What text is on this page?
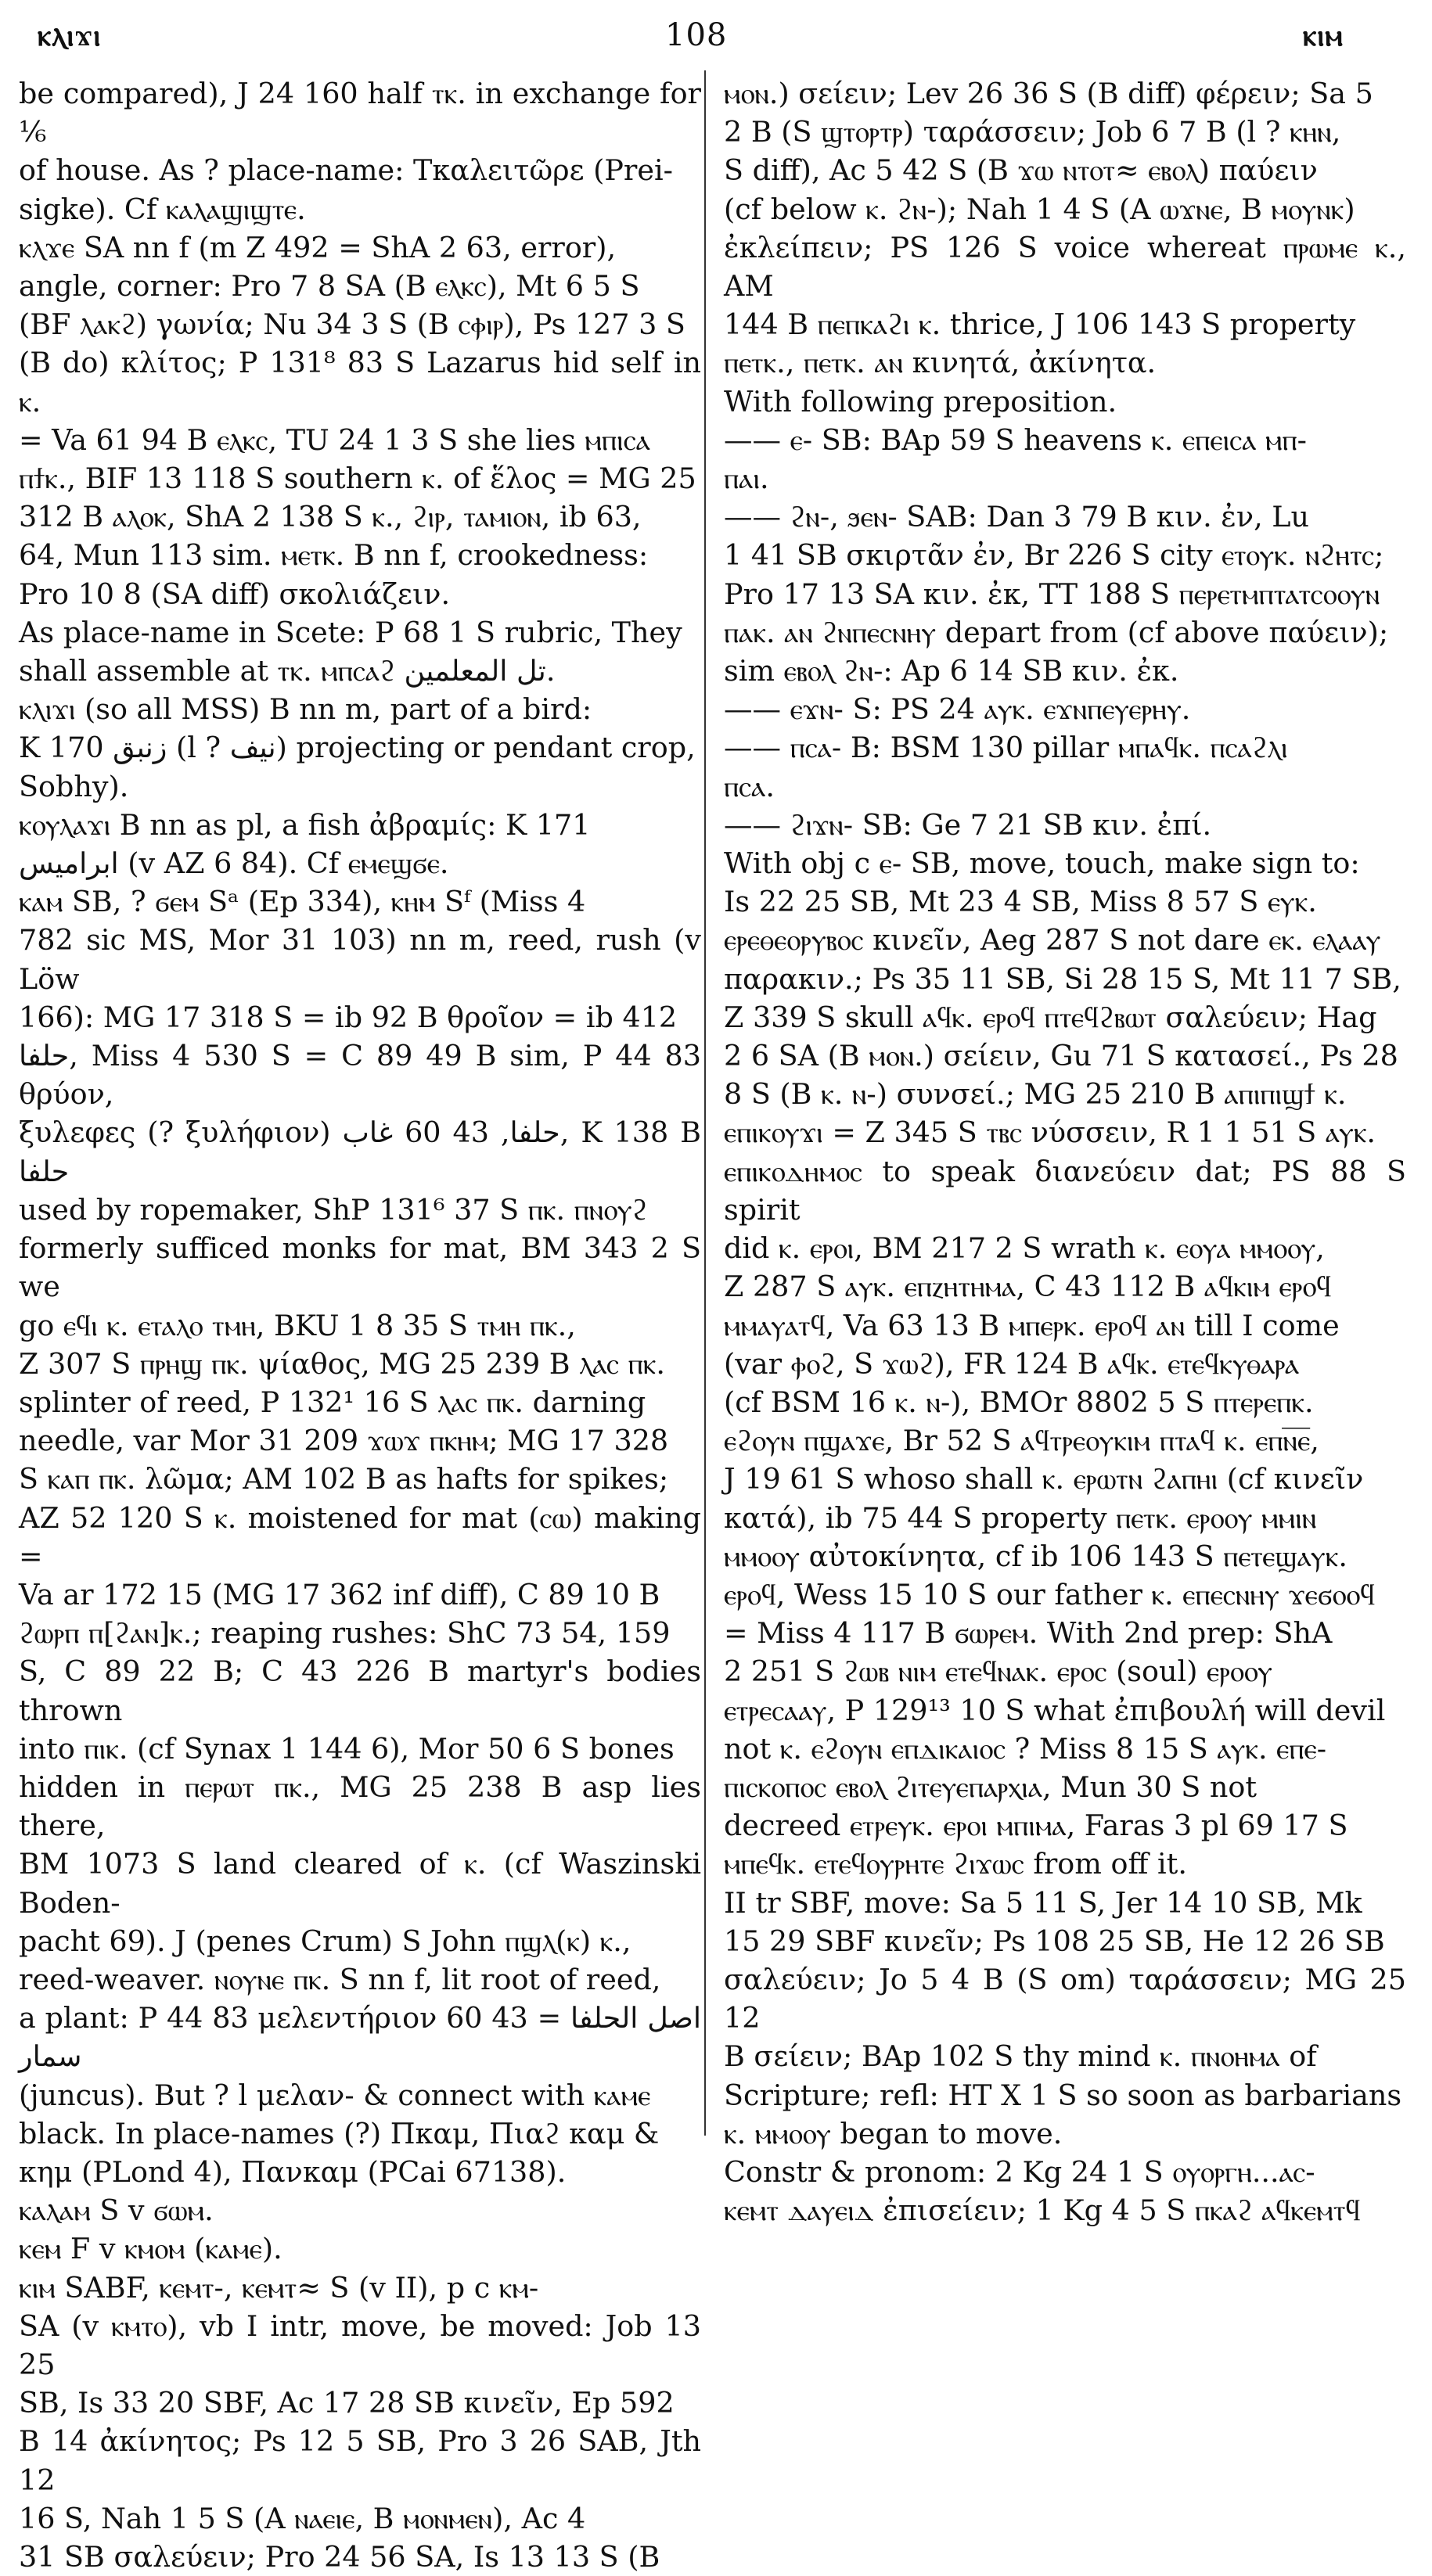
ⲕⲗⲓϫⲓ	108	ⲕⲓⲙ

be compared), J 24 160 half ⲧⲕ. in exchange for ⅙

of house. As ? place-name: Τκαλειτῶρε (Prei-

sigke). Cf ⲕⲁⲗⲁϣⲓϣⲧⲉ.

ⲕⲗϫⲉ SA nn f (m Z 492 = ShA 2 63, error),

angle, corner: Pro 7 8 SA (B ⲉⲗⲕⲥ), Mt 6 5 S

(BF ⲗⲁⲕϩ) γωνία; Nu 34 3 S (B ⲥⲫⲓⲣ), Ps 127 3 S

(B do) κλίτος; P 131⁸ 83 S Lazarus hid self in ⲕ.

= Va 61 94 B ⲉⲗⲕⲥ, TU 24 1 3 S she lies ⲙⲡⲓⲥⲁ

ⲡϯⲕ., BIF 13 118 S southern ⲕ. of ἕλος = MG 25

312 B ⲁⲗⲟⲕ, ShA 2 138 S ⲕ., ϩⲓⲣ, ⲧⲁⲙⲓⲟⲛ, ib 63,

64, Mun 113 sim. ⲙⲉⲧⲕ. B nn f, crookedness:

Pro 10 8 (SA diff) σκολιάζειν.

As place-name in Scete: P 68 1 S rubric, They

shall assemble at ⲧⲕ. ⲙⲡⲥⲁϩ تل المعلمين.

ⲕⲗⲓϫⲓ (so all MSS) B nn m, part of a bird:

K 170 زنبق (l ? نيف) projecting or pendant crop,

Sobhy).

ⲕⲟⲩⲗⲁϫⲓ B nn as pl, a fish ἀβραμίς: K 171

ابراميس (v AZ 6 84). Cf ⲉⲙⲉϣϭⲉ.

ⲕⲁⲙ SB, ? ϭⲉⲙ Sᵃ (Ep 334), ⲕⲏⲙ Sᶠ (Miss 4

782 sic MS, Mor 31 103) nn m, reed, rush (v Löw

166): MG 17 318 S = ib 92 B θροῖον = ib 412

حلفا, Miss 4 530 S = C 89 49 B sim, P 44 83 θρύον,

ξυλεφες (? ξυλήφιον) حلفا, 43 60 غاب, K 138 B حلفا

used by ropemaker, ShP 131⁶ 37 S ⲡⲕ. ⲡⲛⲟⲩϩ

formerly sufficed monks for mat, BM 343 2 S we

go ⲉϥⲓ ⲕ. ⲉⲧⲁⲗⲟ ⲧⲙⲏ, BKU 1 8 35 S ⲧⲙⲏ ⲡⲕ.,

Z 307 S ⲡⲣⲏϣ ⲡⲕ. ψίαθος, MG 25 239 B ⲗⲁⲥ ⲡⲕ.

splinter of reed, P 132¹ 16 S ⲗⲁⲥ ⲡⲕ. darning

needle, var Mor 31 209 ϫⲱϫ ⲡⲕⲏⲙ; MG 17 328

S ⲕⲁⲡ ⲡⲕ. λῶμα; AM 102 B as hafts for spikes;

AZ 52 120 S ⲕ. moistened for mat (ⲥⲱ) making =

Va ar 172 15 (MG 17 362 inf diff), C 89 10 B

ϩⲱⲣⲡ ⲡ[ϩⲁⲛ]ⲕ.; reaping rushes: ShC 73 54, 159

S, C 89 22 B; C 43 226 B martyr's bodies thrown

into ⲡⲓⲕ. (cf Synax 1 144 6), Mor 50 6 S bones

hidden in ⲡⲉⲣⲱⲧ ⲡⲕ., MG 25 238 B asp lies there,

BM 1073 S land cleared of ⲕ. (cf Waszinski Boden-

pacht 69). J (penes Crum) S John ⲡϣⲗ(ⲕ) ⲕ.,

reed-weaver. ⲛⲟⲩⲛⲉ ⲡⲕ. S nn f, lit root of reed,

a plant: P 44 83 μελεντήριον اصل الحلفا = 43 60 سمار

(juncus). But ? l μελαν- & connect with ⲕⲁⲙⲉ

black. In place-names (?) Πκαμ, Πιαϩ καμ &

κημ (PLond 4), Πανκαμ (PCai 67138).

ⲕⲁⲗⲁⲙ S v ϭⲱⲙ.

ⲕⲉⲙ F v ⲕⲙⲟⲙ (ⲕⲁⲙⲉ).

ⲕⲓⲙ SABF, ⲕⲉⲙⲧ-, ⲕⲉⲙⲧ≈ S (v II), p c ⲕⲙ-

SA (v ⲕⲙⲧⲟ), vb I intr, move, be moved: Job 13 25

SB, Is 33 20 SBF, Ac 17 28 SB κινεῖν, Ep 592

B 14 ἀκίνητος; Ps 12 5 SB, Pro 3 26 SAB, Jth 12

16 S, Nah 1 5 S (A ⲛⲁⲉⲓⲉ, B ⲙⲟⲛⲙⲉⲛ), Ac 4

31 SB σαλεύειν; Pro 24 56 SA, Is 13 13 S (B

ⲙⲟⲛ.) σείειν; Lev 26 36 S (B diff) φέρειν; Sa 5

2 B (S ϣⲧⲟⲣⲧⲣ) ταράσσειν; Job 6 7 B (l ? ⲕⲏⲛ,

S diff), Ac 5 42 S (B ϫⲱ ⲛⲧⲟⲧ≈ ⲉⲃⲟⲗ) παύειν

(cf below ⲕ. ϩⲛ-); Nah 1 4 S (A ⲱϫⲛⲉ, B ⲙⲟⲩⲛⲕ)

ἐκλείπειν; PS 126 S voice whereat ⲡⲣⲱⲙⲉ ⲕ., AM

144 B ⲡⲉⲡⲕⲁϩⲓ ⲕ. thrice, J 106 143 S property

ⲡⲉⲧⲕ., ⲡⲉⲧⲕ. ⲁⲛ κινητά, ἀκίνητα.

With following preposition.

—— ⲉ- SB: BAp 59 S heavens ⲕ. ⲉⲡⲉⲓⲥⲁ ⲙⲡ-

ⲡⲁⲓ.

—— ϩⲛ-, ϧⲉⲛ- SAB: Dan 3 79 B κιν. ἐν, Lu

1 41 SB σκιρτᾶν ἐν, Br 226 S city ⲉⲧⲟⲩⲕ. ⲛϩⲏⲧⲥ;

Pro 17 13 SA κιν. ἐκ, TT 188 S ⲡⲉⲣⲉⲧⲙⲡⲧⲁⲧⲥⲟⲟⲩⲛ

ⲡⲁⲕ. ⲁⲛ ϩⲛⲡⲉⲥⲛⲏⲩ depart from (cf above παύειν);

sim ⲉⲃⲟⲗ ϩⲛ-: Ap 6 14 SB κιν. ἐκ.

—— ⲉϫⲛ- S: PS 24 ⲁⲩⲕ. ⲉϫⲛⲡⲉⲩⲉⲣⲏⲩ.

—— ⲡⲥⲁ- B: BSM 130 pillar ⲙⲡⲁϥⲕ. ⲡⲥⲁϩⲗⲓ

ⲡⲥⲁ.

—— ϩⲓϫⲛ- SB: Ge 7 21 SB κιν. ἐπί.

With obj c ⲉ- SB, move, touch, make sign to:

Is 22 25 SB, Mt 23 4 SB, Miss 8 57 S ⲉⲩⲕ.

ⲉⲣⲉⲑⲉⲟⲣⲩⲃⲟⲥ κινεῖν, Aeg 287 S not dare ⲉⲕ. ⲉⲗⲁⲁⲩ

παρακιν.; Ps 35 11 SB, Si 28 15 S, Mt 11 7 SB,

Z 339 S skull ⲁϥⲕ. ⲉⲣⲟϥ ⲡⲧⲉϥϩⲃⲱⲧ σαλεύειν; Hag

2 6 SA (B ⲙⲟⲛ.) σείειν, Gu 71 S κατασεί., Ps 28

8 S (B ⲕ. ⲛ-) συνσεί.; MG 25 210 B ⲁⲡⲓⲡⲓϣϯ ⲕ.

ⲉⲡⲓⲕⲟⲩϫⲓ = Z 345 S ⲧⲃⲥ νύσσειν, R 1 1 51 S ⲁⲩⲕ.

ⲉⲡⲓⲕⲟⲇⲏⲙⲟⲥ to speak διανεύειν dat; PS 88 S spirit

did ⲕ. ⲉⲣⲟⲓ, BM 217 2 S wrath ⲕ. ⲉⲟⲩⲁ ⲙⲙⲟⲟⲩ,

Z 287 S ⲁⲩⲕ. ⲉⲡⲍⲏⲧⲏⲙⲁ, C 43 112 B ⲁϥⲕⲓⲙ ⲉⲣⲟϥ

ⲙⲙⲁⲩⲁⲧϥ, Va 63 13 B ⲙⲡⲉⲣⲕ. ⲉⲣⲟϥ ⲁⲛ till I come

(var ⲫⲟϩ, S ϫⲱϩ), FR 124 B ⲁϥⲕ. ⲉⲧⲉϥⲕⲩⲑⲁⲣⲁ

(cf BSM 16 ⲕ. ⲛ-), BMOr 8802 5 S ⲡⲧⲉⲣⲉⲡⲕ.

ⲉϩⲟⲩⲛ ⲡϣⲁϫⲉ, Br 52 S ⲁϥⲧⲣⲉⲟⲩⲕⲓⲙ ⲡⲧⲁϥ ⲕ. ⲉⲡⲛ̅ⲉ̅,

J 19 61 S whoso shall ⲕ. ⲉⲣⲱⲧⲛ ϩⲁⲡⲏⲓ (cf κινεῖν

κατά), ib 75 44 S property ⲡⲉⲧⲕ. ⲉⲣⲟⲟⲩ ⲙⲙⲓⲛ

ⲙⲙⲟⲟⲩ αὐτοκίνητα, cf ib 106 143 S ⲡⲉⲧⲉϣⲁⲩⲕ.

ⲉⲣⲟϥ, Wess 15 10 S our father ⲕ. ⲉⲡⲉⲥⲛⲏⲩ ϫⲉϭⲟⲟϥ

= Miss 4 117 B ϭⲱⲣⲉⲙ. With 2nd prep: ShA

2 251 S ϩⲱⲃ ⲛⲓⲙ ⲉⲧⲉϥⲛⲁⲕ. ⲉⲣⲟⲥ (soul) ⲉⲣⲟⲟⲩ

ⲉⲧⲣⲉⲥⲁⲁⲩ, P 129¹³ 10 S what ἐπιβουλή will devil

not ⲕ. ⲉϩⲟⲩⲛ ⲉⲡⲇⲓⲕⲁⲓⲟⲥ ? Miss 8 15 S ⲁⲩⲕ. ⲉⲡⲉ-

ⲡⲓⲥⲕⲟⲡⲟⲥ ⲉⲃⲟⲗ ϩⲓⲧⲉⲩⲉⲡⲁⲣⲭⲓⲁ, Mun 30 S not

decreed ⲉⲧⲣⲉⲩⲕ. ⲉⲣⲟⲓ ⲙⲡⲓⲙⲁ, Faras 3 pl 69 17 S

ⲙⲡⲉϥⲕ. ⲉⲧⲉϥⲟⲩⲣⲏⲧⲉ ϩⲓϫⲱⲥ from off it.

II tr SBF, move: Sa 5 11 S, Jer 14 10 SB, Mk

15 29 SBF κινεῖν; Ps 108 25 SB, He 12 26 SB

σαλεύειν; Jo 5 4 B (S om) ταράσσειν; MG 25 12

B σείειν; BAp 102 S thy mind ⲕ. ⲡⲛⲟⲏⲙⲁ of

Scripture; refl: HT X 1 S so soon as barbarians

ⲕ. ⲙⲙⲟⲟⲩ began to move.

Constr & pronom: 2 Kg 24 1 S ⲟⲩⲟⲣⲅⲏ...ⲁⲥ-

ⲕⲉⲙⲧ ⲇⲁⲩⲉⲓⲇ ἐπισείειν; 1 Kg 4 5 S ⲡⲕⲁϩ ⲁϥⲕⲉⲙⲧϥ
